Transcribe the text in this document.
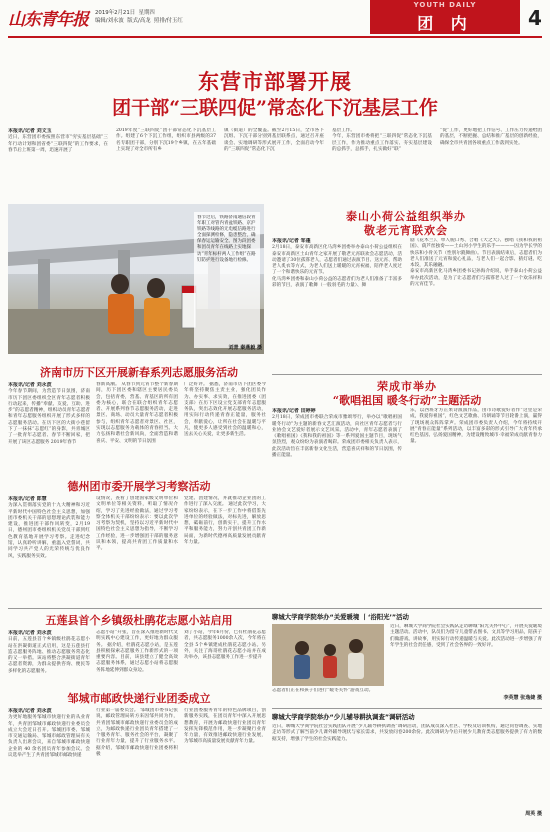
山东青年报 2019年2月21日 星期四
编辑/刘永波 版式/高龙 照排/付玉红
YOUTH DAILY
团 内	4
东营市部署开展
团干部“三联四促”常态化下沉基层工作
本报讯/记者 刘文玉
近日，东营团市委按照东营市“穷实基层基础”三年行动计划和团省委“三联四促”的工作要求，在春节后上班第一周，迅速开展了
2019年度“三联四促”团干部常态化下沉基层工作。组建了6个下沉工作组，组织市县两级的37名专职团干部，分别下沉19个乡镇，在五年基础上实现了对全市所有乡
镇（街道）的全覆盖。截至2月15日，全市各下沉组、下沉干部分别到基层联系点，通过召开座谈会、实地调研等形式展开工作，全面启动今年的“三联四促”常态化下沉
基层工作。
今年，东营团市委将把“三联四促”常态化下沉基层工作，作为推动重点工作落实、夯实基层建设的总抓手，总抓手，扎实做好“联”
“促”工作，更好地把工作信号、工作压力传递给团的基层，不断把握、总结和推广基层的创新经验，确保全市共青团各项重点工作落到实处。
春节过后，铁路济南通信段青年职工对管内青盆铁路、京沪铁路等线路的无电缆信路进行全面探测检修，隐患整治，确保春运运输安全。图为段团委和团员青年在线路上实地探访“青年标杆两人工作组”在路钉防护进行设备地行检修。
刘青 秦燕毅 摄
泰山小荷公益组织举办
敬老元宵联欢会
本报讯/记者 邹蓬
2月18日，泰安市高新区化马湾乡团委举办泰山小荷公益组织在泰安市高新区土山青年之家开展了敬老元宵联欢会志愿活动，活动邀请了30位孤寡老人，志愿者们通过表演节目、送元宵、帮助老人炙衣等方式，为老人们送上暖暖的元宵祝福，陪伴老人度过了一个和谐快乐的元宵节。
化马湾乡团委和泰山小荷公益的志愿者们为老人们准备了丰富多彩的节目，表演了歌舞（一般羽毛的力量）、舞
剧《花木兰》、单人脱口秀、合唱《大之大》、独唱《我和我的祖国》、葫芦丝独奏——土山河小学生的乐手————因为学长学的快乐和小骨关节（性别尔跷舞曲）。节目表演结束后，志愿者们为老人们准送了元宵和爱心礼品，与老人们一起合影、猜灯谜、吃本饺，其乐融融。
泰安市高新区化马湾乡团委书记孙海介绍说，举手泰山小荷公益举办此次活动，是为了让志愿者们与孤寡老人过了一个欢乐祥和的元宵佳节。
济南市历下区开展新春系列志愿服务活动
本报讯/记者 刘永波
今年春节期间，为营造节日氛围，济南市历下团区委组织全区青年志愿者积极行动起来，传播“奉献、友爱、互助、进步”的志愿者精神，组织动员青年志愿者和青年志愿服务组织开展了形式多样的志愿服务活动。在历下区的大街小巷留下了一抹抹“志愿红”的身影，共青城区了一批青年志愿者、春节不断回家，把开展了该区志愿服务 2019年春节
春新高潮。 从春节到元宵节整个新春期间，历下团区委和辖区主要居民委员会，包括青委，营基、青基区的所有团委为核心，联合在联合组织青年志愿者、开展系列春节志愿服务活动，走进景区、商场、动员大量青年志愿者积极参与，组织青年志愿者对景区、社区，实现以志愿服务为载体的青春担当。大力弘扬和谐社会新风尚，全面营造和谐喜庆、平安、文明的节日氛围
广泛好评。 据悉，济南市历下团区委今年将坚持聚焦主责主业，强化团员作为、办实事、求实效，在推进团委（团支部）在历下区设立党支部青年志愿服务队，突出志效化开展志愿服务活动，用实际行动传递青春正能量，服务社会，奉献爱心，让所在社会在温暖与平凡，使更多人感受到社会的温暖和心，送去关心关爱，让更多新生活。
荣成市举办
“歌唱祖国 暖冬行动”主题活动
本报讯/记者 田婷婷
2月18日，荣成团市委联合荣成市雅颂琴行，举办以“歌唱祖国 暖冬行动”为主题的新春文艺汇演活动，向社区青年志愿者与行业协会文艺爱好者展示文艺风采。活动中，青年志愿者表演了《歌唱祖国》《我和我的祖国》等一系列爱国主题节目，现场气氛热烈，观众纷纷为表演者喝彩。荣成团市委相关负责人表示，此次活动旨在丰富新春文化生活，营造喜庆祥和的节日氛围，传播正能量。
乐，以西班牙方正果诗演演作品，由市诗歌爱好者作“这里是荣成，我爱你祖国”，红色文艺歌曲、诗朗诵等节目轮番上演，赢得了现场观众阵阵掌声。荣成团市委负责人介绍，今年将持续开展“青春正能量”系列活动，以丰富多彩的形式引导广大青年传承红色基因、弘扬爱国精神，为建设精致城市·幸福荣成贡献青春力量。
德州团市委开展学习考察活动
本报讯/记者 郎慧
为深入贯彻落实党的十九大精神和习近平新时代中国特色社会主义思想，加强团市委机关干部的思想理论武装和能力建设，推进团干部作风转变，2月19日，德州团市委组织机关党员干部到红色教育基地开展学习考察。走进纪念馆，认真聆听讲解，重温入党誓词，共同学习共产党人的光荣传统与优良作风，实践服务实效。
设情况，查看了创建国家级文明单位和文明单位等相关资料，听取了情况介绍，学习了先进经验做法，通过学习考察全体机关干部纷纷表示：要以此次学习考察为契机，坚持以习近平新时代中国特色社会主义思想为指导，不断学习工作经验，进一步增强团干部的服务意识和本领，提高共青团工作质量和水平。
党建、团建情况，并就推动企业团的工作进行了深入交流。 通过此次学习，大家纷纷表示，在下一步工作中将借鉴先进单位的经验做法，对标先进，解放思想，砥砺前行，创新实干，提升工作水平和服务能力，努力开创共青团工作新局面，为新时代德州高质量发展贡献青年力量。
五莲县首个乡镇级杜鹃花志愿小站启用
本报讯/记者 刘永波
日前，五莲县首个乡镇级杜鹃花志愿小站在洪凝街道正式启用，这是五莲县打造志愿服务阵地、推动志愿服务常态化的又一举措。该站将整合洪凝街道青年志愿者资源，为群众提供咨询、便民等多样化的志愿服务。
志愿小站”开张，旨在深入推进新时代文明实践中心建设工作，更好地为群众服务。 据介绍，杜鹃花志愿小站，是五莲县积极探索志愿服务工作新形式的一项重要内容。目前，该县建立了健全高效志愿服务体系，通过志愿小站将志愿服务阵地延伸到群众身边。
刘了小站，今年6月份，已有杜鹃花志愿者，共志愿服务1000余人次，今年将在全县 5个乡镇建成杜鹃花志愿小站。另外，关注了海哥杜鹃花志愿小站并在成功举办，该县志愿服务工作进一步提升
邹城市邮政快递行业团委成立
本报讯/记者 刘永波
为更好地服务邹城市快递行业的从业青年，共青团邹城市邮政快递行业委员会成立大会近日召开。邹城团市委、邹城市交通运输局、邹城市邮政管理局有关负责人出席会议，来自邹城市邮政快递企业的 40 余名团员青年参加会议。会议选举产生了共青团邹城市邮政快递
行业第一届委员会。 邹城团市委书记张说，邮政管理局转方来因邹共同为作，共青团邹城市邮政快递行业委员会的成立，为邮政快递行业团员青年搭建了一个服务青年、服务社会的平台，凝聚了行业青年力量，提升了行业服务水平。据介绍，邹城市邮政快递行业团委将积极
行业团委服务青年的特色品牌项目，创新服务实践，在团员青年中深入开展思想教育，开展为邮政快递行业团员青年发挥先锋模范作用，进一步凝聚行业青年力量，有效推进邮政快递行业发展，为邹城市高质量发展贡献青年力量。
聊城大学商学院举办“关爱暖境 丨‘浴阳光’”活动
近日，聊城大学商学院社会实践队走访聊城“阳光关怀中心”，开展关爱暖境主题活动。活动中，队员们为留守儿童带去图书、文具等学习用品，陪孩子们做游戏、讲故事，用实际行动传递温暖与关爱。此次活动进一步增强了青年学生的社会责任感，受到了社会各界的一致好评。
志愿者们正在和孩子们进行“暖冬关怀”游戏互动。
李英慧 张逸婕 摄
聊城大学商学院举办“少儿辅导耕执调查”调研活动
近日，聊城大学商学院社会实践团队开展“少儿辅导耕执调查”调研活动，团队成员深入社区、学校及培训机构，通过问卷调查、实地走访等形式了解当前少儿课外辅导现状与家长需求，共发放问卷200余份。此次调研为今后开展少儿教育类志愿服务提供了有力的数据支持，增强了学生的社会实践能力。
周英 摄
